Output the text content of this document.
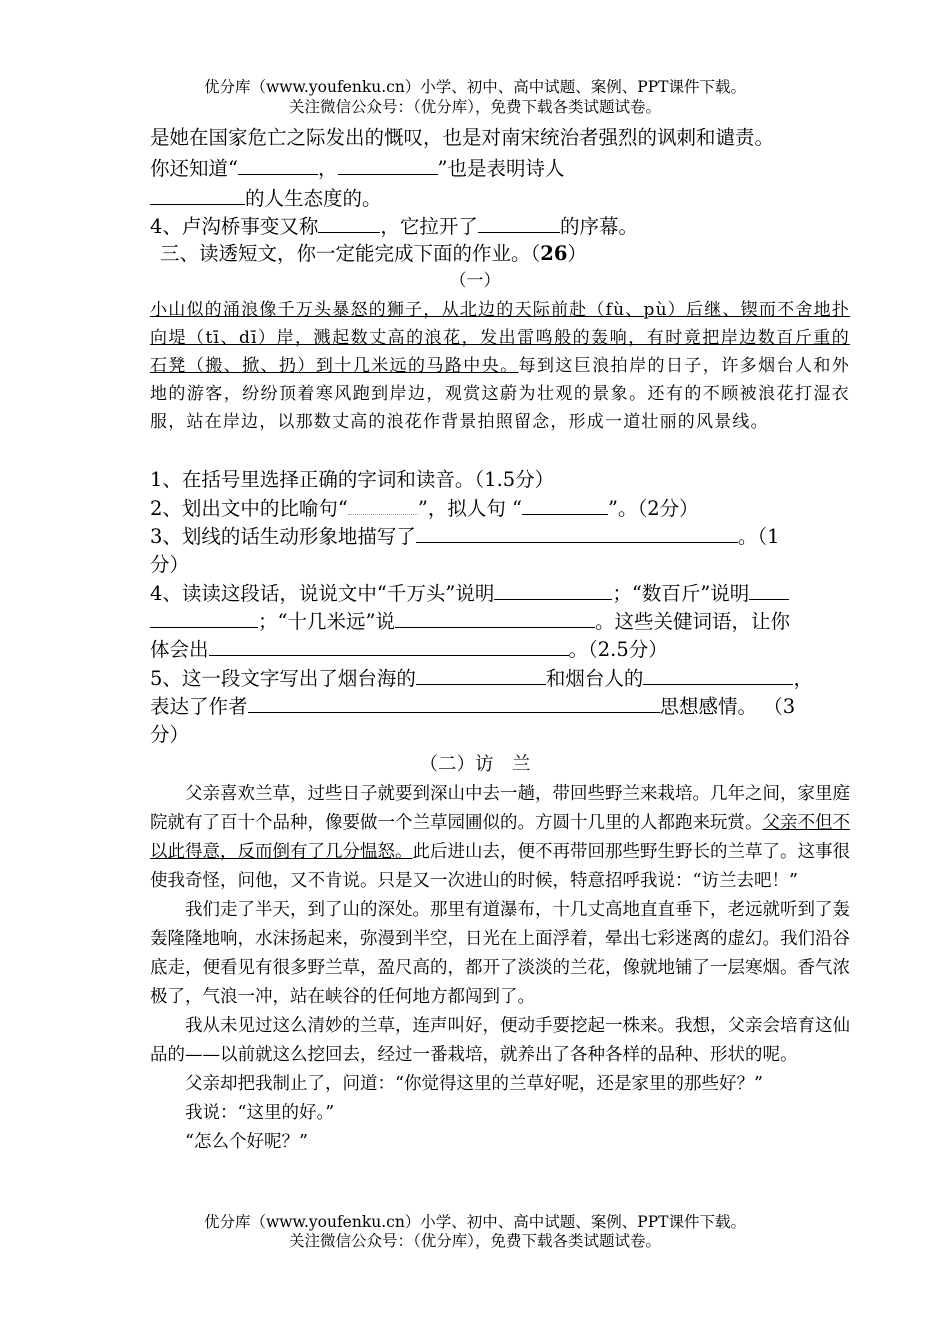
优分库（www.youfenku.cn）小学、初中、高中试题、案例、PPT课件下载。
关注微信公众号：（优分库），免费下载各类试题试卷。
是她在国家危亡之际发出的慨叹，也是对南宋统治者强烈的讽刺和谴责。
你还知道“	，	”也是表明诗人
的人生态度的。
4、卢沟桥事变又称	，它拉开了	的序幕。
三、读透短文，你一定能完成下面的作业。（26）
（一）
小山似的涌浪像千万头暴怒的狮子，从北边的天际前赴（fù、pù）后继、锲而不舍地扑向堤（tī、dī）岸，溅起数丈高的浪花，发出雷鸣般的轰响，有时竟把岸边数百斤重的石凳（搬、掀、扔）到十几米远的马路中央。每到这巨浪拍岸的日子，许多烟台人和外地的游客，纷纷顶着寒风跑到岸边，观赏这蔚为壮观的景象。还有的不顾被浪花打湿衣服，站在岸边，以那数丈高的浪花作背景拍照留念，形成一道壮丽的风景线。
1、在括号里选择正确的字词和读音。（1.5分）
2、划出文中的比喻句“	”，拟人句 “	”。（2分）
3、划线的话生动形象地描写了	。（1
分）
4、读读这段话，说说文中“千万头”说明	；“数百斤”说明
；“十几米远”说	。这些关健词语，让你
体会出	。（2.5分）
5、这一段文字写出了烟台海的	和烟台人的	，
表达了作者	思想感情。 （3
分）
（二）访　兰

父亲喜欢兰草，过些日子就要到深山中去一趟，带回些野兰来栽培。几年之间，家里庭院就有了百十个品种，像要做一个兰草园圃似的。方圆十几里的人都跑来玩赏。父亲不但不以此得意，反而倒有了几分愠怒。此后进山去，便不再带回那些野生野长的兰草了。这事很使我奇怪，问他，又不肯说。只是又一次进山的时候，特意招呼我说：“访兰去吧！”

我们走了半天，到了山的深处。那里有道瀑布，十几丈高地直直垂下，老远就听到了轰轰隆隆地响，水沫扬起来，弥漫到半空，日光在上面浮着，晕出七彩迷离的虚幻。我们沿谷底走，便看见有很多野兰草，盈尺高的，都开了淡淡的兰花，像就地铺了一层寒烟。香气浓极了，气浪一冲，站在峡谷的任何地方都闯到了。

我从未见过这么清妙的兰草，连声叫好，便动手要挖起一株来。我想，父亲会培育这仙品的——以前就这么挖回去，经过一番栽培，就养出了各种各样的品种、形状的呢。

父亲却把我制止了，问道：“你觉得这里的兰草好呢，还是家里的那些好？”

我说：“这里的好。”

“怎么个好呢？”

优分库（www.youfenku.cn）小学、初中、高中试题、案例、PPT课件下载。
关注微信公众号：（优分库），免费下载各类试题试卷。
